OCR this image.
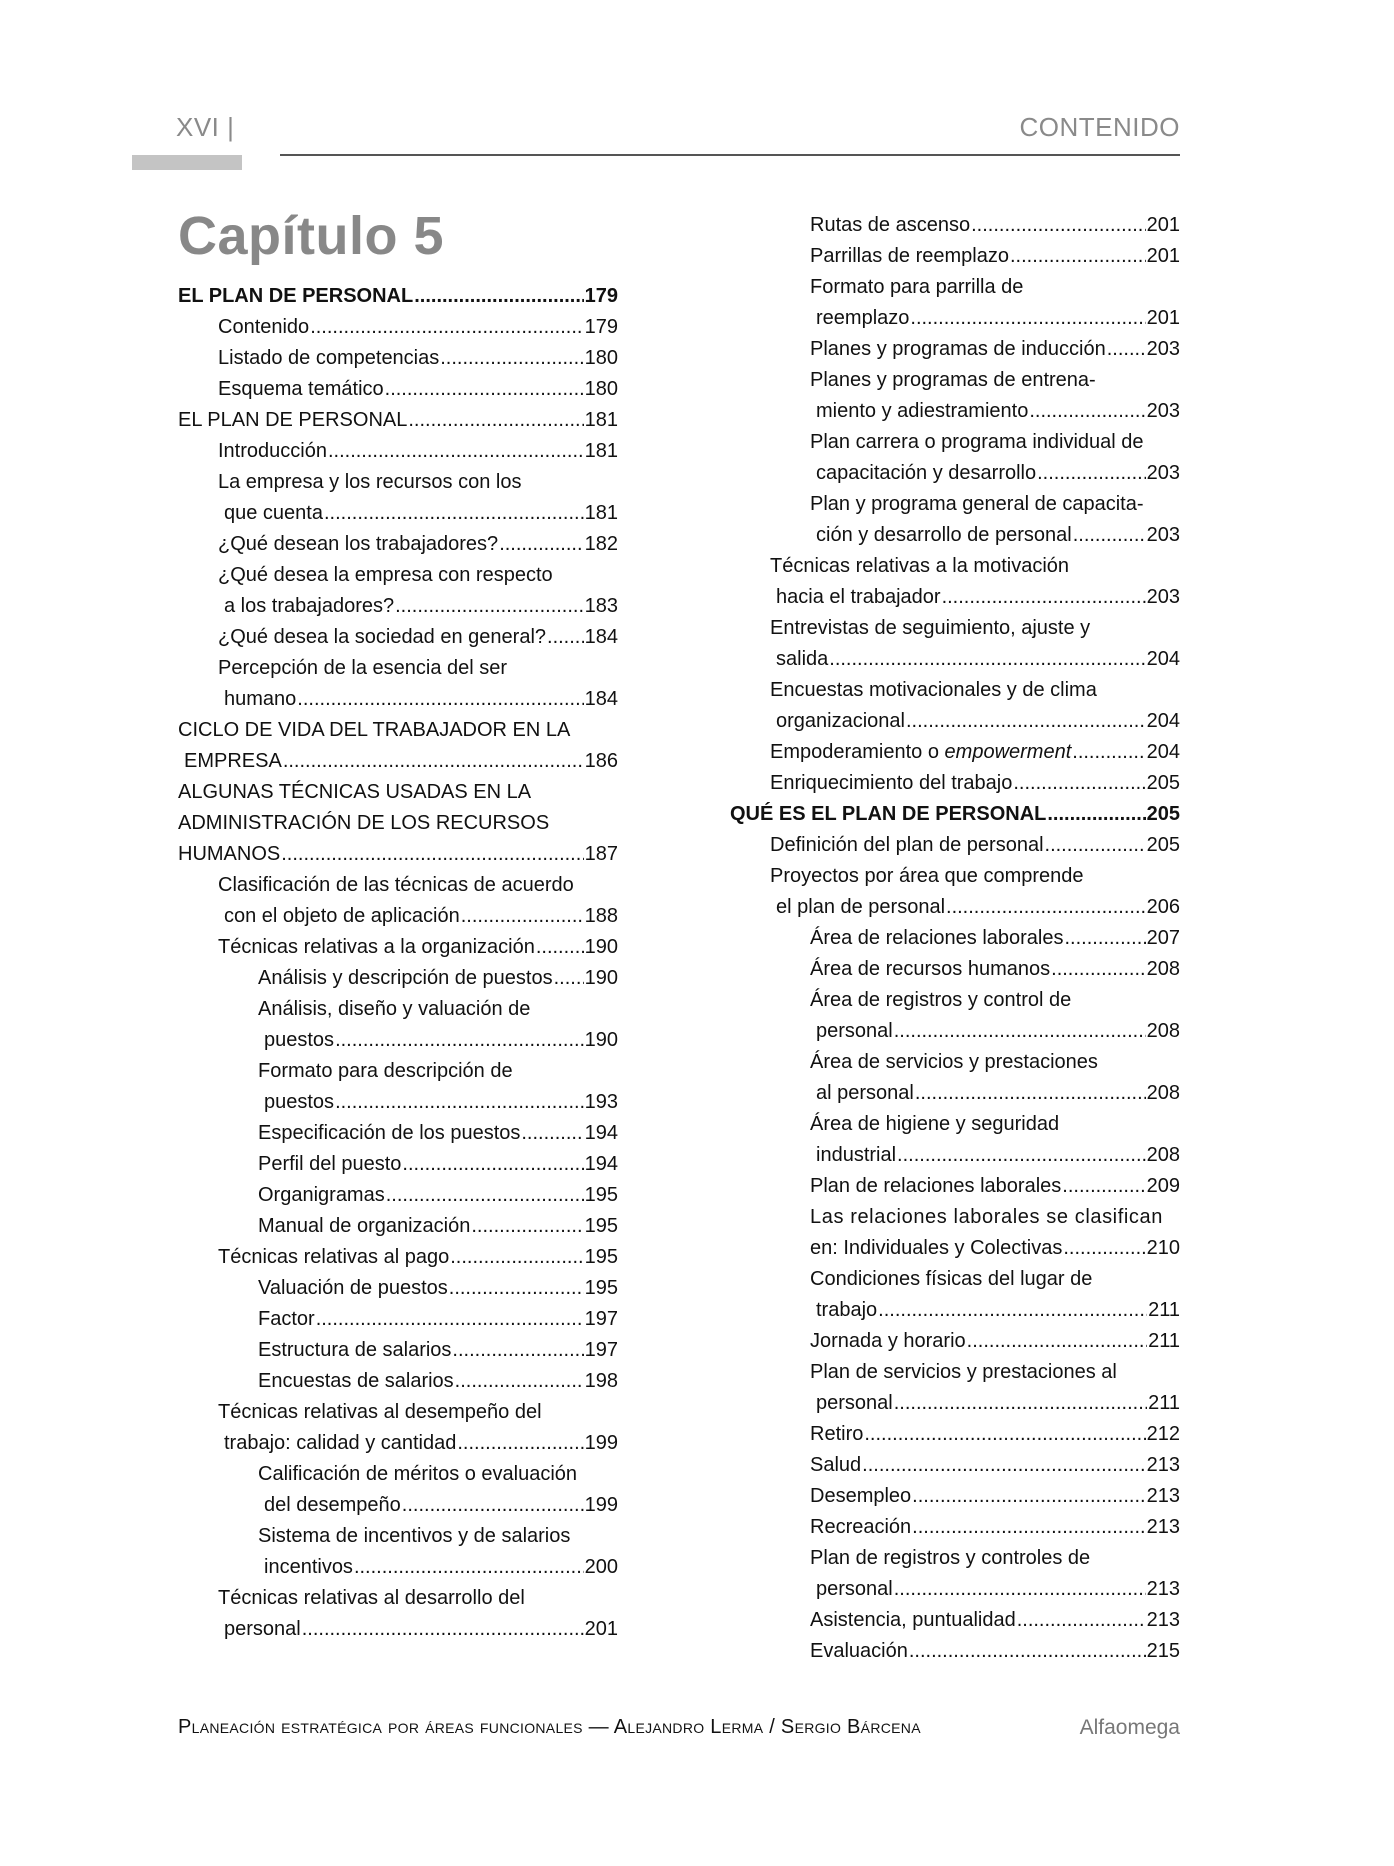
XVI |	CONTENIDO
Capítulo 5
EL PLAN DE PERSONAL .....	179
Contenido .....	179
Listado de competencias .....	180
Esquema temático .....	180
EL PLAN DE PERSONAL .....	181
Introducción .....	181
La empresa y los recursos con los
que cuenta .....	181
¿Qué desean los trabajadores? .....	182
¿Qué desea la empresa con respecto
a los trabajadores? .....	183
¿Qué desea la sociedad en general? ..... 184
Percepción de la esencia del ser
humano .....	184
CICLO DE VIDA DEL TRABAJADOR EN LA
EMPRESA .....	186
ALGUNAS TÉCNICAS USADAS EN LA
ADMINISTRACIÓN DE LOS RECURSOS
HUMANOS .....	187
Clasificación de las técnicas de acuerdo
con el objeto de aplicación .....	188
Técnicas relativas a la organización ..... 190
Análisis y descripción de puestos ..... 190
Análisis, diseño y valuación de
puestos .....	190
Formato para descripción de
puestos .....	193
Especificación de los puestos .....	194
Perfil del puesto .....	194
Organigramas .....	195
Manual de organización .....	195
Técnicas relativas al pago .....	195
Valuación de puestos .....	195
Factor .....	197
Estructura de salarios .....	197
Encuestas de salarios .....	198
Técnicas relativas al desempeño del
trabajo: calidad y cantidad .....	199
Calificación de méritos o evaluación
del desempeño .....	199
Sistema de incentivos y de salarios
incentivos .....	200
Técnicas relativas al desarrollo del
personal .....	201
Rutas de ascenso .....	201
Parrillas de reemplazo .....	201
Formato para parrilla de
reemplazo .....	201
Planes y programas de inducción ..... 203
Planes y programas de entrena-
miento y adiestramiento .....	203
Plan carrera o programa individual de
capacitación y desarrollo .....	203
Plan y programa general de capacita-
ción y desarrollo de personal .....	203
Técnicas relativas a la motivación
hacia el trabajador .....	203
Entrevistas de seguimiento, ajuste y
salida .....	204
Encuestas motivacionales y de clima
organizacional .....	204
Empoderamiento o
empowerment .....	204
Enriquecimiento del trabajo .....	205
QUÉ ES EL PLAN DE PERSONAL .....	205
Definición del plan de personal .....	205
Proyectos por área que comprende
el plan de personal .....	206
Área de relaciones laborales .....	207
Área de recursos humanos .....	208
Área de registros y control de
personal .....	208
Área de servicios y prestaciones
al personal .....	208
Área de higiene y seguridad
industrial .....	208
Plan de relaciones laborales .....	209
Las relaciones laborales se clasifican
en: Individuales y Colectivas .....	210
Condiciones físicas del lugar de
trabajo .....	211
Jornada y horario .....	211
Plan de servicios y prestaciones al
personal .....	211
Retiro .....	212
Salud .....	213
Desempleo .....	213
Recreación .....	213
Plan de registros y controles de
personal .....	213
Asistencia, puntualidad .....	213
Evaluación .....	215
Planeación estratégica por áreas funcionales — Alejandro Lerma / Sergio Bárcena	Alfaomega
